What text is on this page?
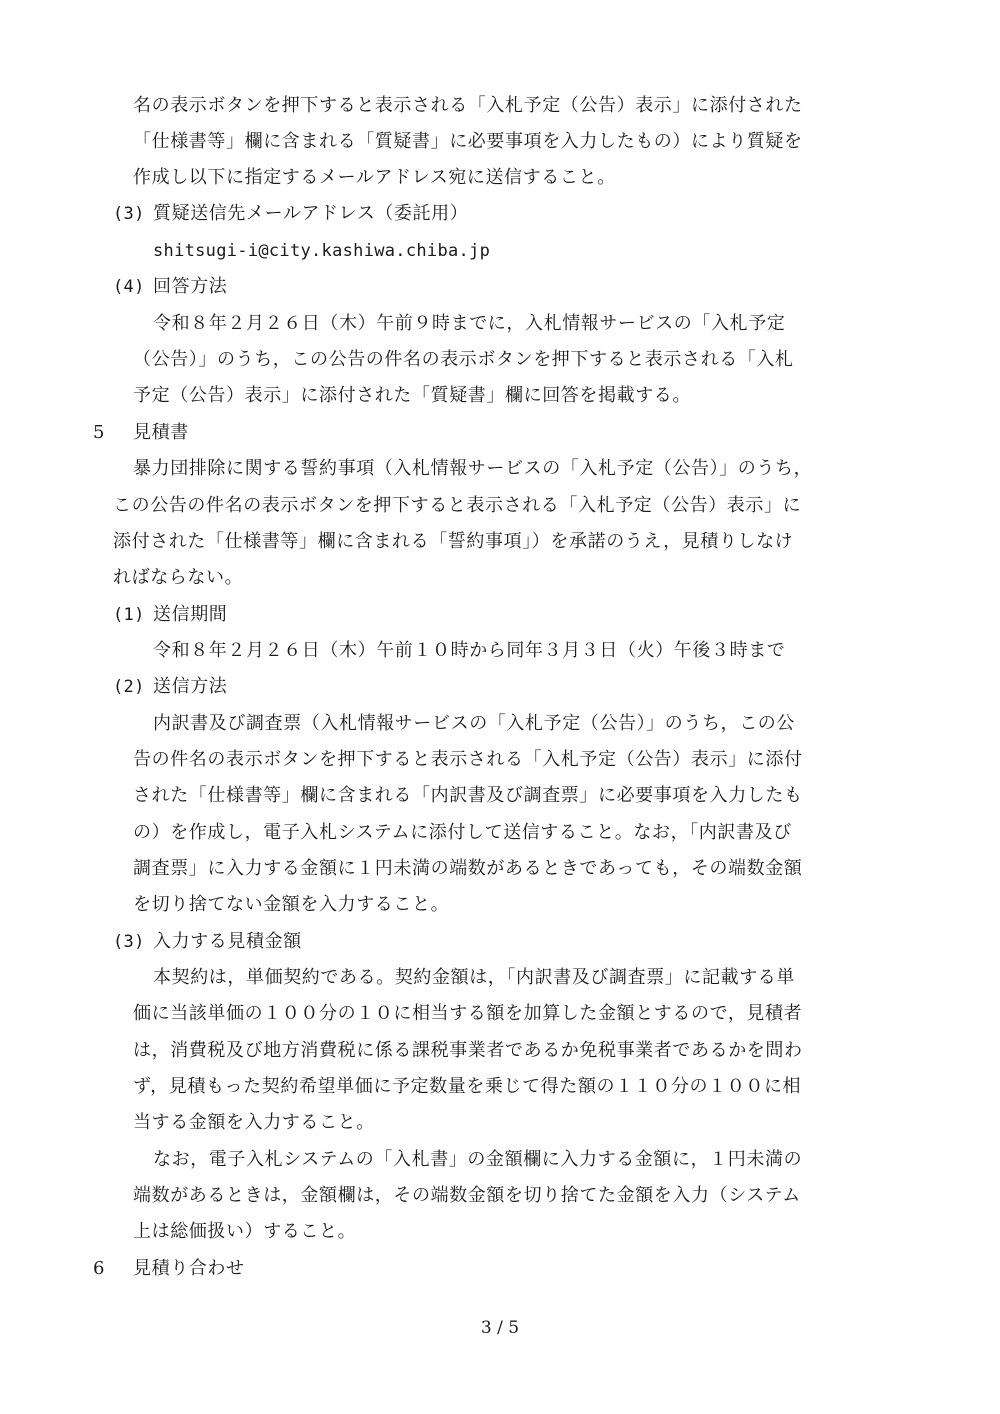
名の表示ボタンを押下すると表示される「入札予定（公告）表示」に添付された
「仕様書等」欄に含まれる「質疑書」に必要事項を入力したもの）により質疑を
作成し以下に指定するメールアドレス宛に送信すること。
(3) 質疑送信先メールアドレス（委託用）
shitsugi-i@city.kashiwa.chiba.jp
(4) 回答方法
令和８年２月２６日（木）午前９時までに，入札情報サービスの「入札予定
（公告）」のうち，この公告の件名の表示ボタンを押下すると表示される「入札
予定（公告）表示」に添付された「質疑書」欄に回答を掲載する。
5 見積書
暴力団排除に関する誓約事項（入札情報サービスの「入札予定（公告）」のうち，
この公告の件名の表示ボタンを押下すると表示される「入札予定（公告）表示」に
添付された「仕様書等」欄に含まれる「誓約事項」）を承諾のうえ，見積りしなけ
ればならない。
(1) 送信期間
令和８年２月２６日（木）午前１０時から同年３月３日（火）午後３時まで
(2) 送信方法
内訳書及び調査票（入札情報サービスの「入札予定（公告）」のうち，この公
告の件名の表示ボタンを押下すると表示される「入札予定（公告）表示」に添付
された「仕様書等」欄に含まれる「内訳書及び調査票」に必要事項を入力したも
の）を作成し，電子入札システムに添付して送信すること。なお，「内訳書及び
調査票」に入力する金額に１円未満の端数があるときであっても，その端数金額
を切り捨てない金額を入力すること。
(3) 入力する見積金額
本契約は，単価契約である。契約金額は，「内訳書及び調査票」に記載する単
価に当該単価の１００分の１０に相当する額を加算した金額とするので，見積者
は，消費税及び地方消費税に係る課税事業者であるか免税事業者であるかを問わ
ず，見積もった契約希望単価に予定数量を乗じて得た額の１１０分の１００に相
当する金額を入力すること。
なお，電子入札システムの「入札書」の金額欄に入力する金額に，１円未満の
端数があるときは，金額欄は，その端数金額を切り捨てた金額を入力（システム
上は総価扱い）すること。
6 見積り合わせ
3 / 5
